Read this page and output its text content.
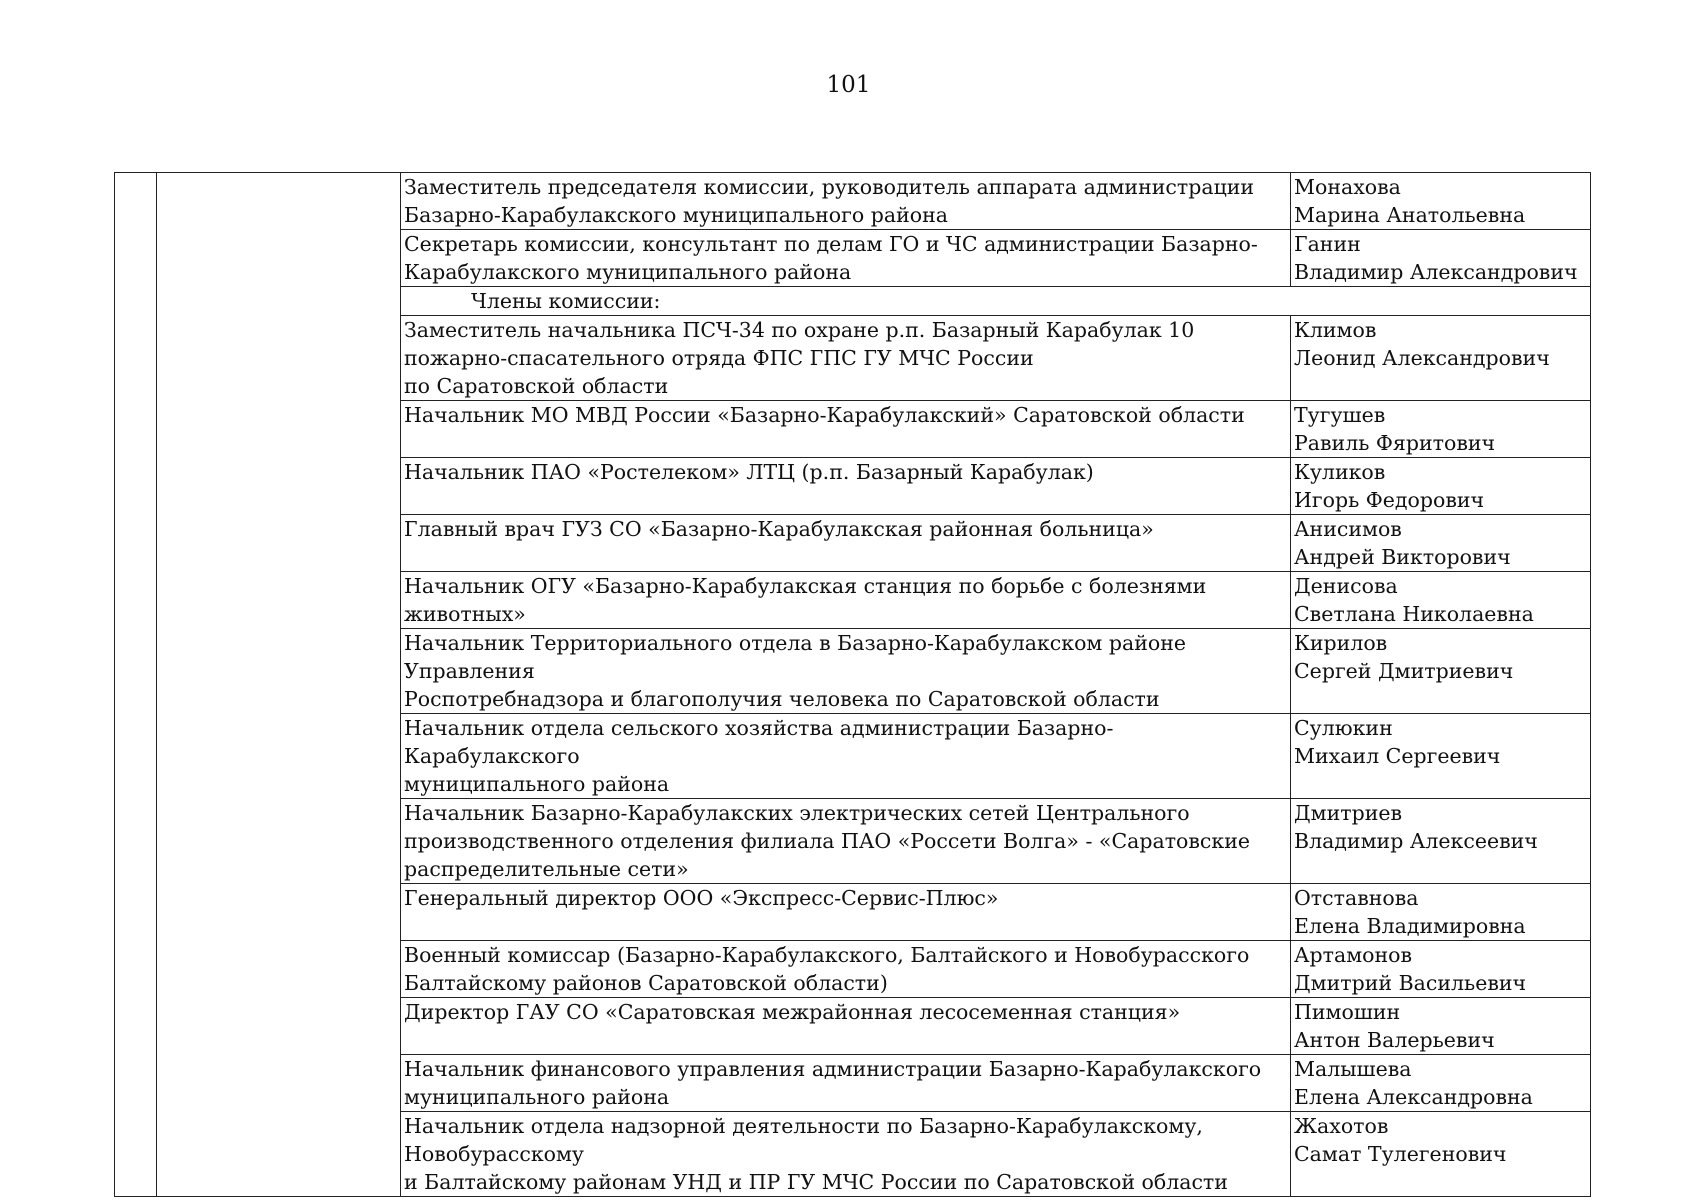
101
		Заместитель председателя комиссии, руководитель аппарата администрации
Базарно-Карабулакского муниципального района	Монахова
Марина Анатольевна
		Секретарь комиссии, консультант по делам ГО и ЧС администрации Базарно-
Карабулакского муниципального района	Ганин
Владимир Александрович
		Члены комиссии:	
		Заместитель начальника ПСЧ-34 по охране р.п. Базарный Карабулак 10
пожарно-спасательного отряда ФПС ГПС ГУ МЧС России
по Саратовской области	Климов
Леонид Александрович
		Начальник МО МВД России «Базарно-Карабулакский» Саратовской области	Тугушев
Равиль Фяритович
		Начальник ПАО «Ростелеком» ЛТЦ (р.п. Базарный Карабулак)	Куликов
Игорь Федорович
		Главный врач ГУЗ СО «Базарно-Карабулакская районная больница»	Анисимов
Андрей Викторович
		Начальник ОГУ «Базарно-Карабулакская станция по борьбе с болезнями
животных»	Денисова
Светлана Николаевна
		Начальник Территориального отдела в Базарно-Карабулакском районе Управления
Роспотребнадзора и благополучия человека по Саратовской области	Кирилов
Сергей Дмитриевич
		Начальник отдела сельского хозяйства администрации Базарно-Карабулакского
муниципального района	Сулюкин
Михаил Сергеевич
		Начальник Базарно-Карабулакских электрических сетей Центрального
производственного отделения филиала ПАО «Россети Волга» - «Саратовские
распределительные сети»	Дмитриев
Владимир Алексеевич
		Генеральный директор ООО «Экспресс-Сервис-Плюс»	Отставнова
Елена Владимировна
		Военный комиссар (Базарно-Карабулакского, Балтайского и Новобурасского
Балтайскому районов Саратовской области)	Артамонов
Дмитрий Васильевич
		Директор ГАУ СО «Саратовская межрайонная лесосеменная станция»	Пимошин
Антон Валерьевич
		Начальник финансового управления администрации Базарно-Карабулакского
муниципального района	Малышева
Елена Александровна
		Начальник отдела надзорной деятельности по Базарно-Карабулакскому, Новобурасскому
и Балтайскому районам УНД и ПР ГУ МЧС России по Саратовской области	Жахотов
Самат Тулегенович
